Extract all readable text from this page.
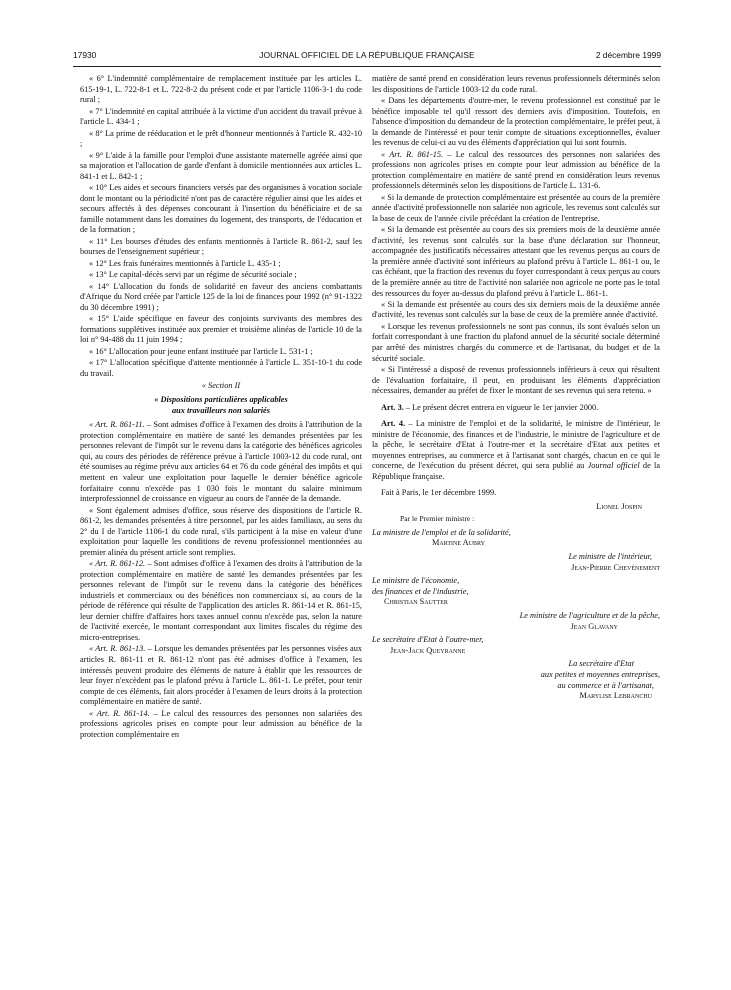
17930	JOURNAL OFFICIEL DE LA RÉPUBLIQUE FRANÇAISE	2 décembre 1999

« 6° L'indemnité complémentaire de remplacement instituée par les articles L. 615-19-1, L. 722-8-1 et L. 722-8-2 du présent code et par l'article 1106-3-1 du code rural ;

« 7° L'indemnité en capital attribuée à la victime d'un accident du travail prévue à l'article L. 434-1 ;

« 8° La prime de rééducation et le prêt d'honneur mentionnés à l'article R. 432-10 ;

« 9° L'aide à la famille pour l'emploi d'une assistante maternelle agréée ainsi que sa majoration et l'allocation de garde d'enfant à domicile mentionnées aux articles L. 841-1 et L. 842-1 ;

« 10° Les aides et secours financiers versés par des organismes à vocation sociale dont le montant ou la périodicité n'ont pas de caractère régulier ainsi que les aides et secours affectés à des dépenses concourant à l'insertion du bénéficiaire et de sa famille notamment dans les domaines du logement, des transports, de l'éducation et de la formation ;

« 11° Les bourses d'études des enfants mentionnés à l'article R. 861-2, sauf les bourses de l'enseignement supérieur ;

« 12° Les frais funéraires mentionnés à l'article L. 435-1 ;

« 13° Le capital-décès servi par un régime de sécurité sociale ;

« 14° L'allocation du fonds de solidarité en faveur des anciens combattants d'Afrique du Nord créée par l'article 125 de la loi de finances pour 1992 (n° 91-1322 du 30 décembre 1991) ;

« 15° L'aide spécifique en faveur des conjoints survivants des membres des formations supplétives instituée aux premier et troisième alinéas de l'article 10 de la loi n° 94-488 du 11 juin 1994 ;

« 16° L'allocation pour jeune enfant instituée par l'article L. 531-1 ;

« 17° L'allocation spécifique d'attente mentionnée à l'article L. 351-10-1 du code du travail.

« Section II

« Dispositions particulières applicables
aux travailleurs non salariés

« Art. R. 861-11. – Sont admises d'office à l'examen des droits à l'attribution de la protection complémentaire en matière de santé les demandes présentées par les personnes relevant de l'impôt sur le revenu dans la catégorie des bénéfices agricoles qui, au cours des périodes de référence prévue à l'article 1003-12 du code rural, ont été soumises au régime prévu aux articles 64 et 76 du code général des impôts et qui mettent en valeur une exploitation pour laquelle le dernier bénéfice agricole forfaitaire connu n'excède pas 1 030 fois le montant du salaire minimum interprofessionnel de croissance en vigueur au cours de l'année de la demande.

« Sont également admises d'office, sous réserve des dispositions de l'article R. 861-2, les demandes présentées à titre personnel, par les aides familiaux, au sens du 2° du I de l'article 1106-1 du code rural, s'ils participent à la mise en valeur d'une exploitation pour laquelle les conditions de revenu professionnel mentionnées au premier alinéa du présent article sont remplies.

« Art. R. 861-12. – Sont admises d'office à l'examen des droits à l'attribution de la protection complémentaire en matière de santé les demandes présentées par les personnes relevant de l'impôt sur le revenu dans la catégorie des bénéfices industriels et commerciaux ou des bénéfices non commerciaux si, au cours de la période de référence qui résulte de l'application des articles R. 861-14 et R. 861-15, leur dernier chiffre d'affaires hors taxes annuel connu n'excède pas, selon la nature de l'activité exercée, le montant correspondant aux limites fiscales du régime des micro-entreprises.

« Art. R. 861-13. – Lorsque les demandes présentées par les personnes visées aux articles R. 861-11 et R. 861-12 n'ont pas été admises d'office à l'examen, les intéressés peuvent produire des éléments de nature à établir que les ressources de leur foyer n'excèdent pas le plafond prévu à l'article L. 861-1. Le préfet, pour tenir compte de ces éléments, fait alors procéder à l'examen de leurs droits à la protection complémentaire en matière de santé.

« Art. R. 861-14. – Le calcul des ressources des personnes non salariées des professions agricoles prises en compte pour leur admission au bénéfice de la protection complémentaire en

matière de santé prend en considération leurs revenus professionnels déterminés selon les dispositions de l'article 1003-12 du code rural.

« Dans les départements d'outre-mer, le revenu professionnel est constitué par le bénéfice imposable tel qu'il ressort des derniers avis d'imposition. Toutefois, en l'absence d'imposition du demandeur de la protection complémentaire, le préfet peut, à la demande de l'intéressé et pour tenir compte de situations exceptionnelles, évaluer les revenus de celui-ci au vu des éléments d'appréciation qui lui sont fournis.

« Art. R. 861-15. – Le calcul des ressources des personnes non salariées des professions non agricoles prises en compte pour leur admission au bénéfice de la protection complémentaire en matière de santé prend en considération leurs revenus professionnels déterminés selon les dispositions de l'article L. 131-6.

« Si la demande de protection complémentaire est présentée au cours de la première année d'activité professionnelle non salariée non agricole, les revenus sont calculés sur la base de ceux de l'année civile précédant la création de l'entreprise.

« Si la demande est présentée au cours des six premiers mois de la deuxième année d'activité, les revenus sont calculés sur la base d'une déclaration sur l'honneur, accompagnée des justificatifs nécessaires attestant que les revenus perçus au cours de la première année d'activité sont inférieurs au plafond prévu à l'article L. 861-1 ou, le cas échéant, que la fraction des revenus du foyer correspondant à ceux perçus au cours de la première année au titre de l'activité non salariée non agricole ne porte pas le total des ressources du foyer au-dessus du plafond prévu à l'article L. 861-1.

« Si la demande est présentée au cours des six derniers mois de la deuxième année d'activité, les revenus sont calculés sur la base de ceux de la première année d'activité.

« Lorsque les revenus professionnels ne sont pas connus, ils sont évalués selon un forfait correspondant à une fraction du plafond annuel de la sécurité sociale déterminé par arrêté des ministres chargés du commerce et de l'artisanat, du budget et de la sécurité sociale.

« Si l'intéressé a disposé de revenus professionnels inférieurs à ceux qui résultent de l'évaluation forfaitaire, il peut, en produisant les éléments d'appréciation nécessaires, demander au préfet de fixer le montant de ses revenus qui sera retenu. »

Art. 3. – Le présent décret entrera en vigueur le 1er janvier 2000.

Art. 4. – La ministre de l'emploi et de la solidarité, le ministre de l'intérieur, le ministre de l'économie, des finances et de l'industrie, le ministre de l'agriculture et de la pêche, le secrétaire d'Etat à l'outre-mer et la secrétaire d'Etat aux petites et moyennes entreprises, au commerce et à l'artisanat sont chargés, chacun en ce qui le concerne, de l'exécution du présent décret, qui sera publié au Journal officiel de la République française.

Fait à Paris, le 1er décembre 1999.

Lionel Jospin

Par le Premier ministre :

La ministre de l'emploi et de la solidarité,

Martine Aubry

Le ministre de l'intérieur,

Jean-Pierre Chevènement

Le ministre de l'économie,

des finances et de l'industrie,

Christian Sautter

Le ministre de l'agriculture et de la pêche,

Jean Glavany

Le secrétaire d'Etat à l'outre-mer,

Jean-Jack Queyranne

La secrétaire d'Etat

aux petites et moyennes entreprises,

au commerce et à l'artisanat,

Marylise Lebranchu
